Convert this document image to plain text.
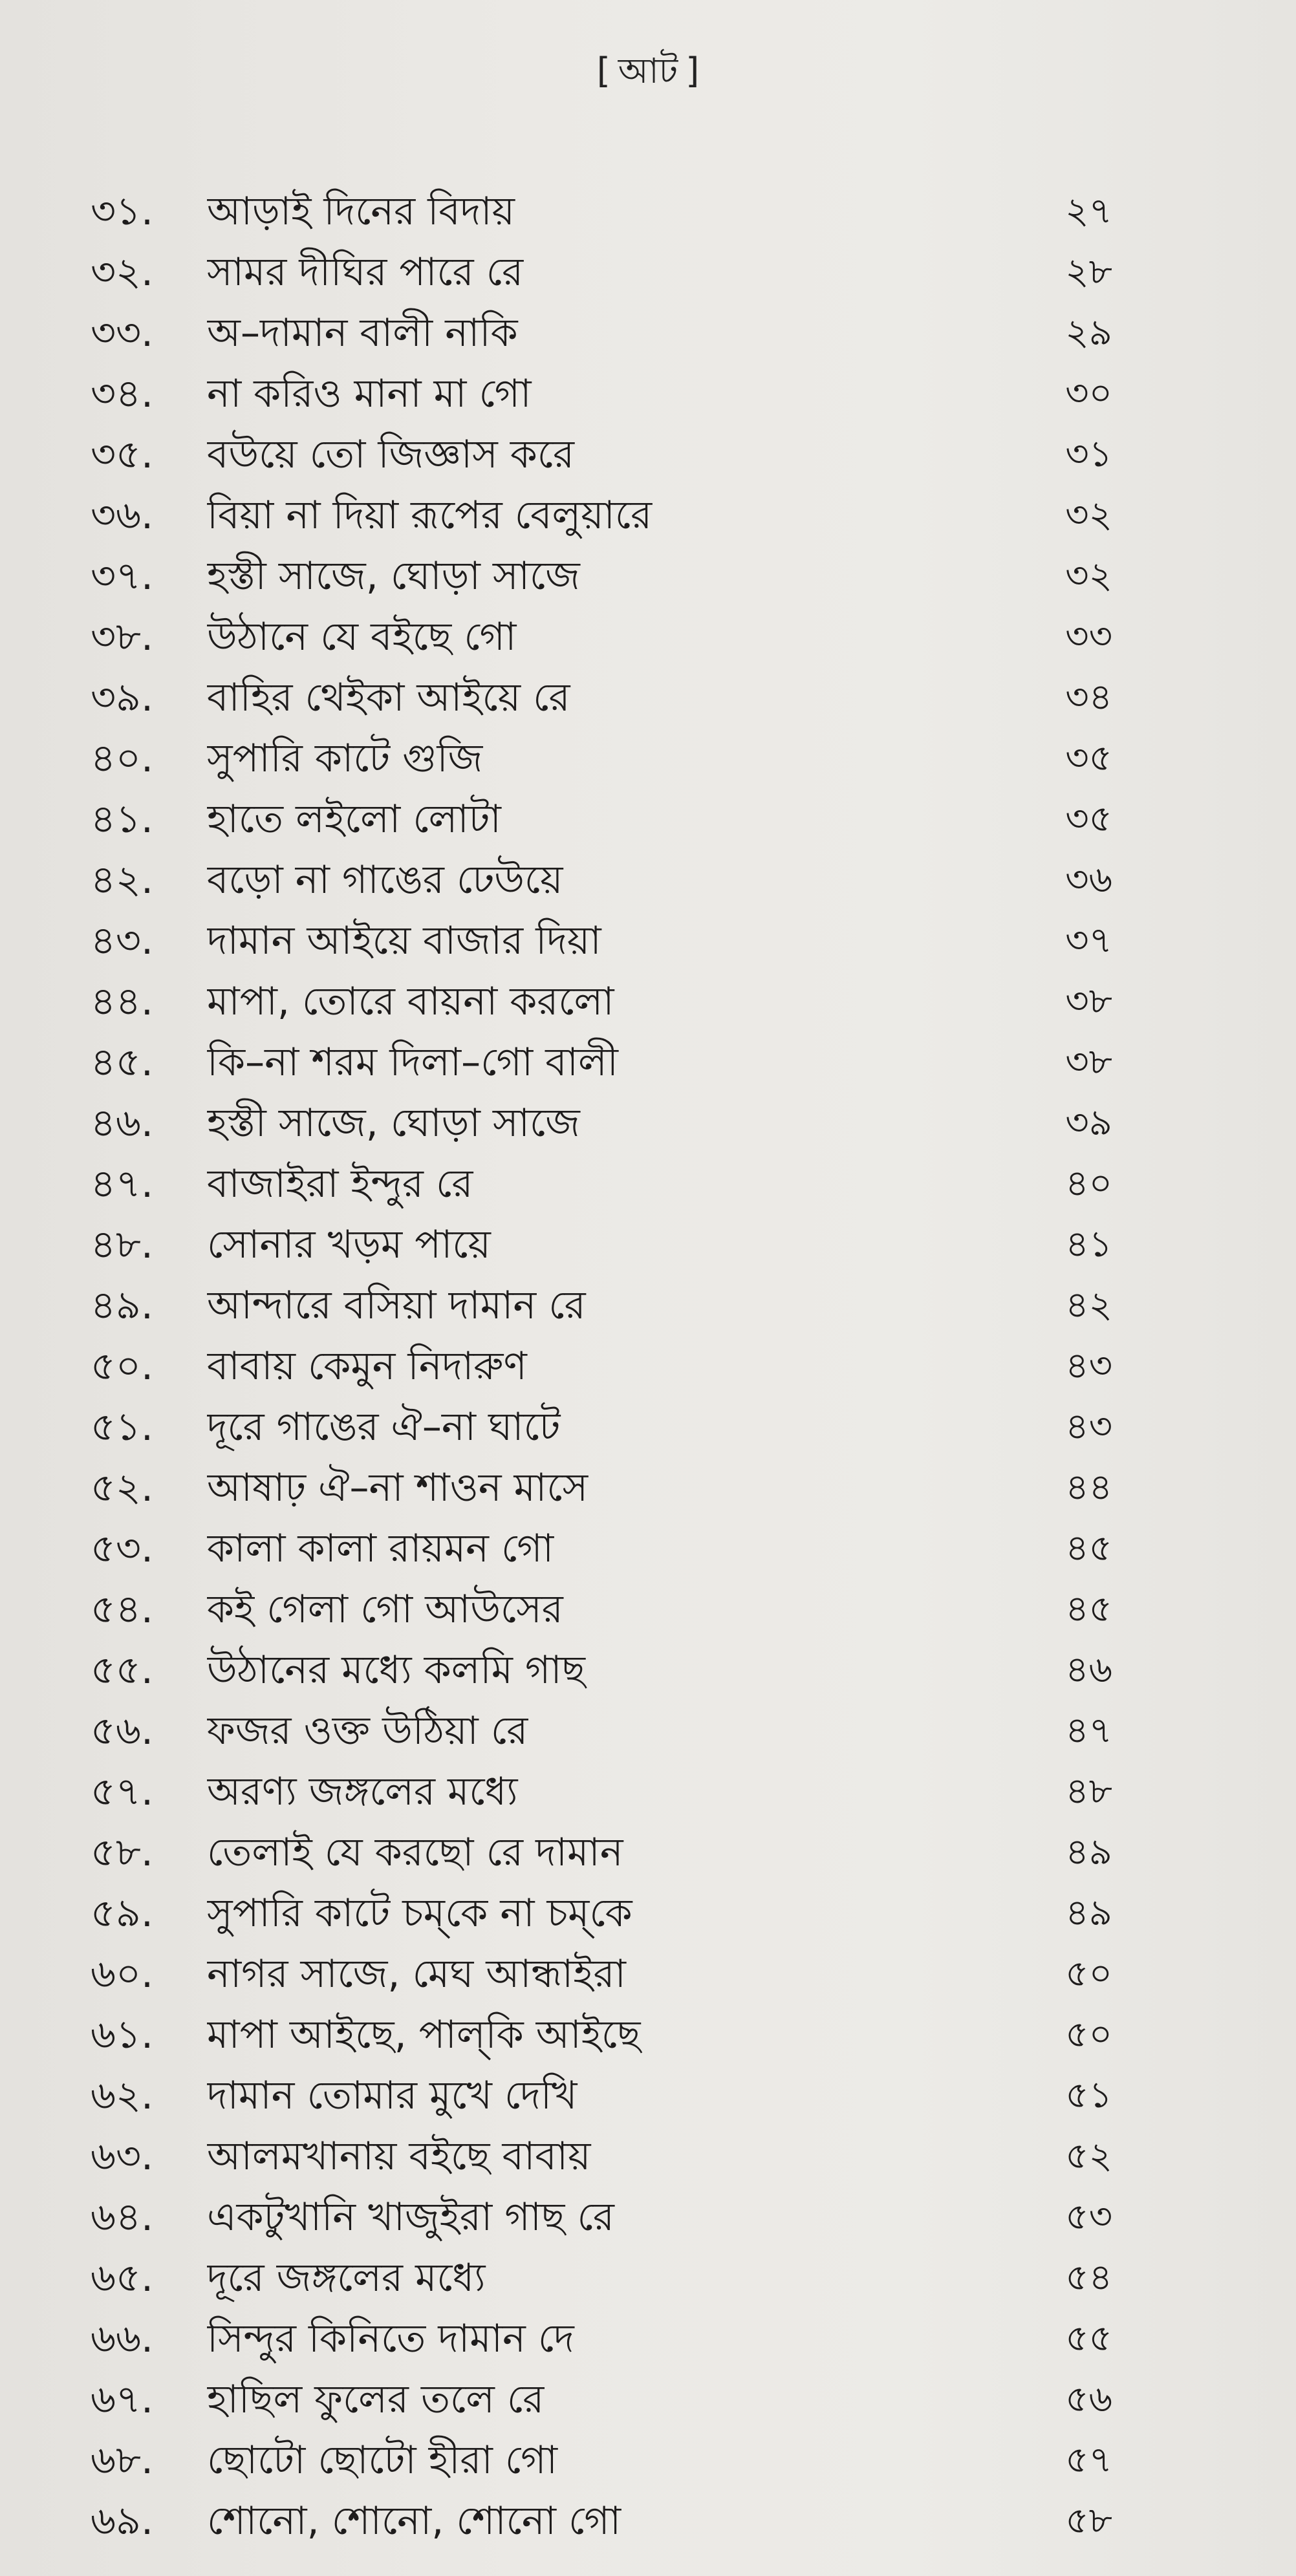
[ আট ]
৩১.	আড়াই দিনের বিদায়	২৭
৩২.	সামর দীঘির পারে রে	২৮
৩৩.	অ–দামান বালী নাকি	২৯
৩৪.	না করিও মানা মা গো	৩০
৩৫.	বউয়ে তো জিজ্ঞাস করে	৩১
৩৬.	বিয়া না দিয়া রূপের বেলুয়ারে	৩২
৩৭.	হস্তী সাজে, ঘোড়া সাজে	৩২
৩৮.	উঠানে যে বইছে গো	৩৩
৩৯.	বাহির থেইকা আইয়ে রে	৩৪
৪০.	সুপারি কাটে গুজি	৩৫
৪১.	হাতে লইলো লোটা	৩৫
৪২.	বড়ো না গাঙের ঢেউয়ে	৩৬
৪৩.	দামান আইয়ে বাজার দিয়া	৩৭
৪৪.	মাপা, তোরে বায়না করলো	৩৮
৪৫.	কি–না শরম দিলা–গো বালী	৩৮
৪৬.	হস্তী সাজে, ঘোড়া সাজে	৩৯
৪৭.	বাজাইরা ইন্দুর রে	৪০
৪৮.	সোনার খড়ম পায়ে	৪১
৪৯.	আন্দারে বসিয়া দামান রে	৪২
৫০.	বাবায় কেমুন নিদারুণ	৪৩
৫১.	দূরে গাঙের ঐ–না ঘাটে	৪৩
৫২.	আষাঢ় ঐ–না শাওন মাসে	৪৪
৫৩.	কালা কালা রায়মন গো	৪৫
৫৪.	কই গেলা গো আউসের	৪৫
৫৫.	উঠানের মধ্যে কলমি গাছ	৪৬
৫৬.	ফজর ওক্ত উঠিয়া রে	৪৭
৫৭.	অরণ্য জঙ্গলের মধ্যে	৪৮
৫৮.	তেলাই যে করছো রে দামান	৪৯
৫৯.	সুপারি কাটে চম্‌কে না চম্‌কে	৪৯
৬০.	নাগর সাজে, মেঘ আন্ধাইরা	৫০
৬১.	মাপা আইছে, পাল্‌কি আইছে	৫০
৬২.	দামান তোমার মুখে দেখি	৫১
৬৩.	আলমখানায় বইছে বাবায়	৫২
৬৪.	একটুখানি খাজুইরা গাছ রে	৫৩
৬৫.	দূরে জঙ্গলের মধ্যে	৫৪
৬৬.	সিন্দুর কিনিতে দামান দে	৫৫
৬৭.	হাছিল ফুলের তলে রে	৫৬
৬৮.	ছোটো ছোটো হীরা গো	৫৭
৬৯.	শোনো, শোনো, শোনো গো	৫৮
